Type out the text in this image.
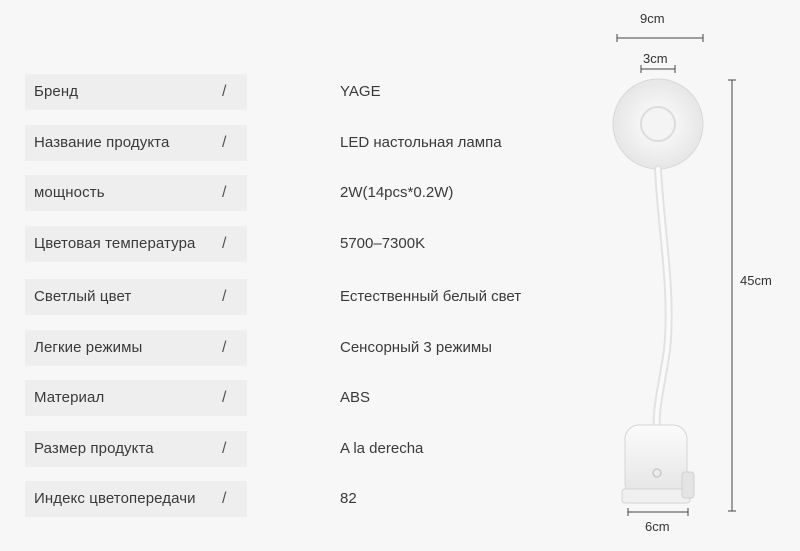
Бренд	/	YAGE
Название продукта	/	LED настольная лампа
мощность	/	2W(14pcs*0.2W)
Цветовая температура /	5700–7300K
Светлый цвет	/	Естественный белый свет
Легкие режимы	/	Сенсорный 3 режимы
Материал	/	ABS
Размер продукта	/	A la derecha
Индекс цветопередачи /	82
9cm
3cm
45cm
6cm
